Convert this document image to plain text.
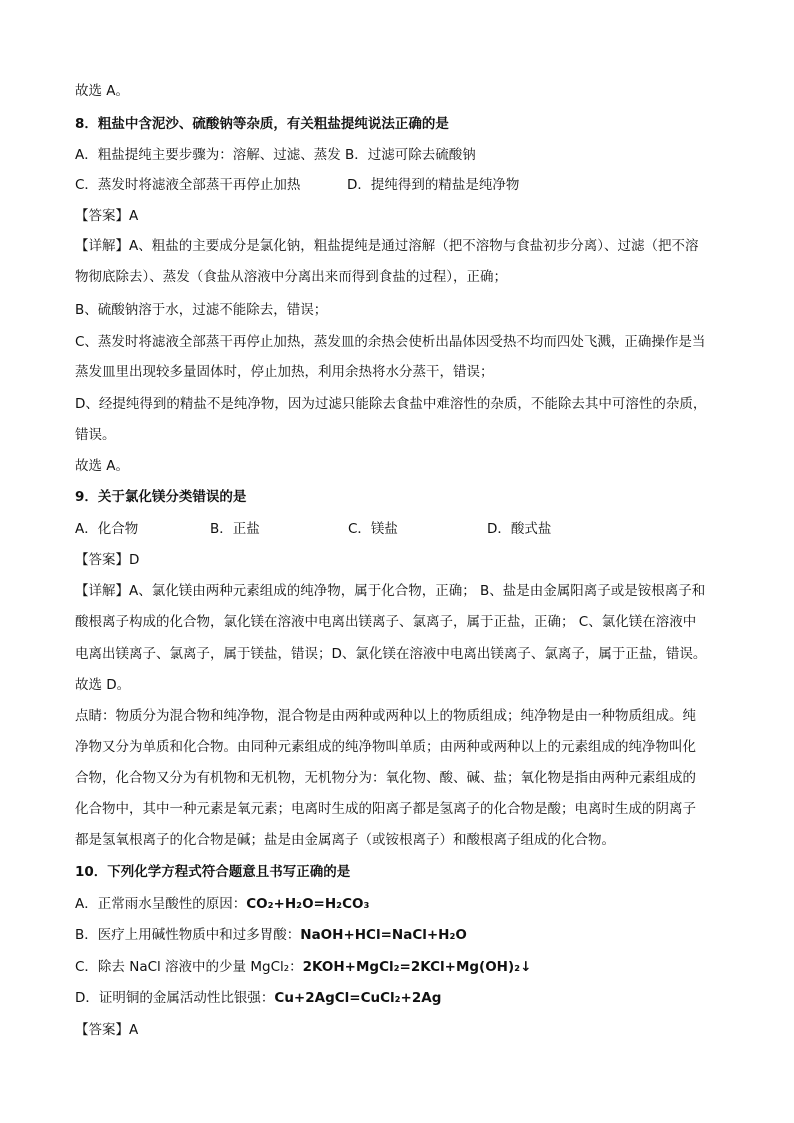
故选 A。
8．粗盐中含泥沙、硫酸钠等杂质，有关粗盐提纯说法正确的是
A．粗盐提纯主要步骤为：溶解、过滤、蒸发 B．过滤可除去硫酸钠
C．蒸发时将滤液全部蒸干再停止加热	D．提纯得到的精盐是纯净物
【答案】A
【详解】A、粗盐的主要成分是氯化钠，粗盐提纯是通过溶解（把不溶物与食盐初步分离）、过滤（把不溶
物彻底除去）、蒸发（食盐从溶液中分离出来而得到食盐的过程），正确；
B、硫酸钠溶于水，过滤不能除去，错误；
C、蒸发时将滤液全部蒸干再停止加热，蒸发皿的余热会使析出晶体因受热不均而四处飞溅，正确操作是当
蒸发皿里出现较多量固体时，停止加热，利用余热将水分蒸干，错误；
D、经提纯得到的精盐不是纯净物，因为过滤只能除去食盐中难溶性的杂质，不能除去其中可溶性的杂质，
错误。
故选 A。
9．关于氯化镁分类错误的是
A．化合物	B．正盐	C．镁盐	D．酸式盐
【答案】D
【详解】A、氯化镁由两种元素组成的纯净物，属于化合物，正确； B、盐是由金属阳离子或是铵根离子和
酸根离子构成的化合物，氯化镁在溶液中电离出镁离子、氯离子，属于正盐，正确； C、氯化镁在溶液中
电离出镁离子、氯离子，属于镁盐，错误；D、氯化镁在溶液中电离出镁离子、氯离子，属于正盐，错误。
故选 D。
点睛：物质分为混合物和纯净物，混合物是由两种或两种以上的物质组成；纯净物是由一种物质组成。纯
净物又分为单质和化合物。由同种元素组成的纯净物叫单质；由两种或两种以上的元素组成的纯净物叫化
合物，化合物又分为有机物和无机物，无机物分为：氧化物、酸、碱、盐；氧化物是指由两种元素组成的
化合物中，其中一种元素是氧元素；电离时生成的阳离子都是氢离子的化合物是酸；电离时生成的阴离子
都是氢氧根离子的化合物是碱；盐是由金属离子（或铵根离子）和酸根离子组成的化合物。
10．下列化学方程式符合题意且书写正确的是
A．正常雨水呈酸性的原因：CO₂+H₂O=H₂CO₃
B．医疗上用碱性物质中和过多胃酸：NaOH+HCl=NaCl+H₂O
C．除去 NaCl 溶液中的少量 MgCl₂：2KOH+MgCl₂=2KCl+Mg(OH)₂↓
D．证明铜的金属活动性比银强：Cu+2AgCl=CuCl₂+2Ag
【答案】A
